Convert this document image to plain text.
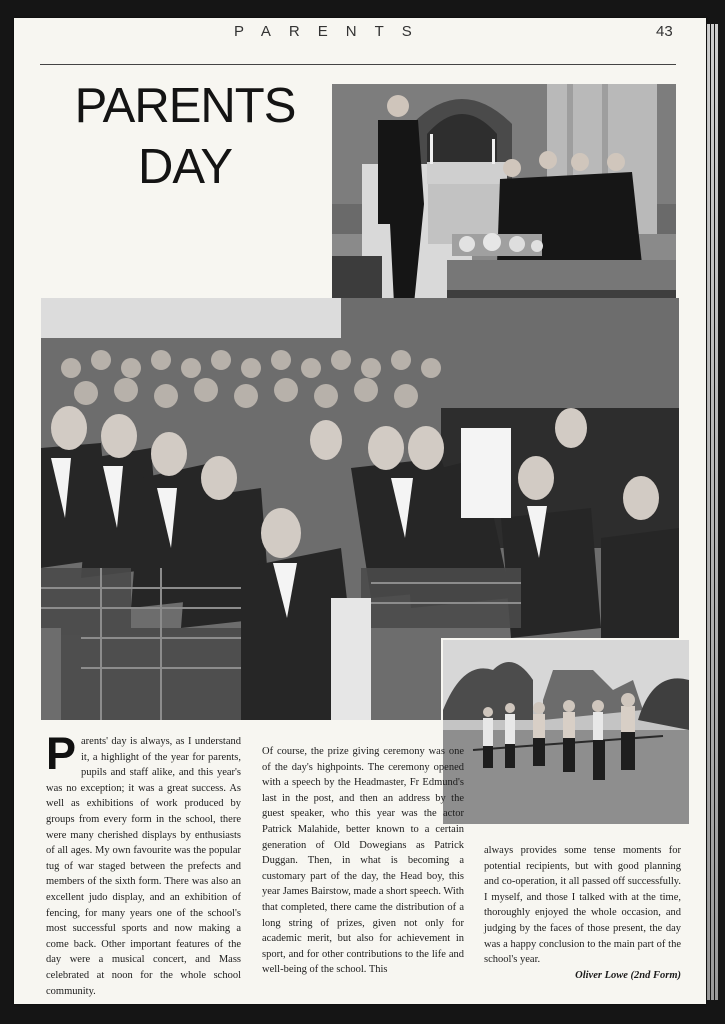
PARENTS	43
PARENTS
DAY
P arents' day is always, as I understand it, a highlight of the year for parents, pupils and staff alike, and this year's was no exception; it was a great success. As well as exhibitions of work produced by groups from every form in the school, there were many cherished displays by enthusiasts of all ages. My own favourite was the popular tug of war staged between the prefects and members of the sixth form. There was also an excellent judo display, and an exhibition of fencing, for many years one of the school's most successful sports and now making a come back. Other important features of the day were a musical concert, and Mass celebrated at noon for the whole school community.

Of course, the prize giving ceremony was one of the day's highpoints. The ceremony opened with a speech by the Headmaster, Fr Edmund's last in the post, and then an address by the guest speaker, who this year was the actor Patrick Malahide, better known to a certain generation of Old Dowegians as Patrick Duggan. Then, in what is becoming a customary part of the day, the Head boy, this year James Bairstow, made a short speech. With that completed, there came the distribution of a long string of prizes, given not only for academic merit, but also for achievement in sport, and for other contributions to the life and well-being of the school. This

always provides some tense moments for potential recipients, but with good planning and co-operation, it all passed off successfully. I myself, and those I talked with at the time, thoroughly enjoyed the whole occasion, and judging by the faces of those present, the day was a happy conclusion to the main part of the school's year.

Oliver Lowe (2nd Form)
